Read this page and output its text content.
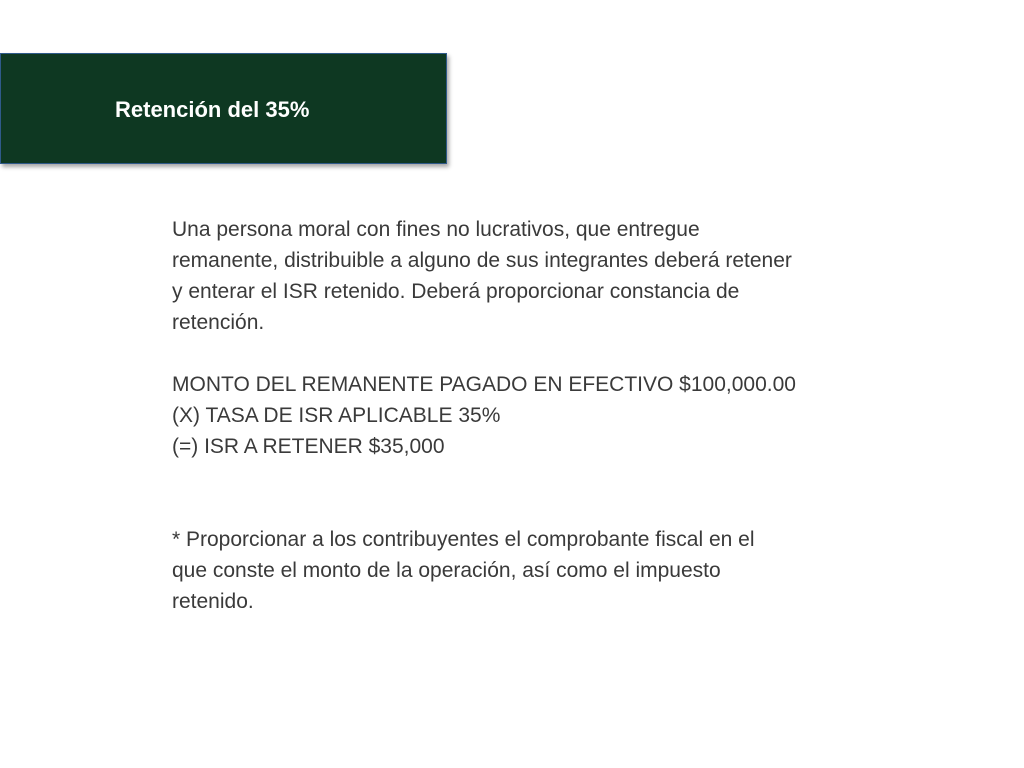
Retención del 35%

Una persona moral con fines no lucrativos, que entregue
remanente, distribuible a alguno de sus integrantes deberá retener
y enterar el ISR retenido. Deberá proporcionar constancia de
retención.

MONTO DEL REMANENTE PAGADO EN EFECTIVO $100,000.00
(X) TASA DE ISR APLICABLE 35%
(=) ISR A RETENER $35,000

* Proporcionar a los contribuyentes el comprobante fiscal en el
que conste el monto de la operación, así como el impuesto
retenido.
